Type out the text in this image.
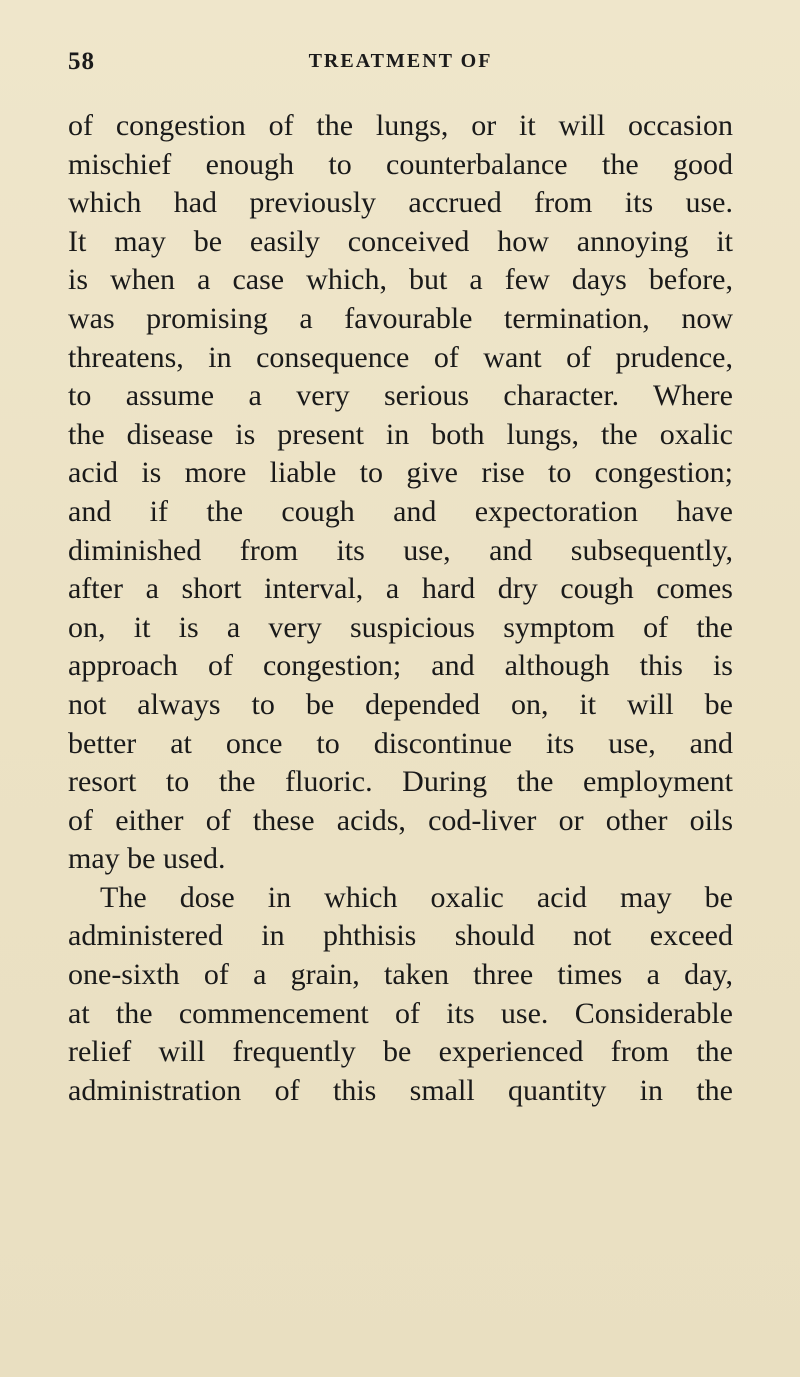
58	TREATMENT OF
of congestion of the lungs, or it will occasion
mischief enough to counterbalance the good
which had previously accrued from its use.
It may be easily conceived how annoying it
is when a case which, but a few days before,
was promising a favourable termination, now
threatens, in consequence of want of prudence,
to assume a very serious character. Where
the disease is present in both lungs, the oxalic
acid is more liable to give rise to congestion;
and if the cough and expectoration have
diminished from its use, and subsequently,
after a short interval, a hard dry cough comes
on, it is a very suspicious symptom of the
approach of congestion; and although this is
not always to be depended on, it will be
better at once to discontinue its use, and
resort to the fluoric. During the employment
of either of these acids, cod-liver or other oils
may be used.
The dose in which oxalic acid may be
administered in phthisis should not exceed
one-sixth of a grain, taken three times a day,
at the commencement of its use. Considerable
relief will frequently be experienced from the
administration of this small quantity in the
